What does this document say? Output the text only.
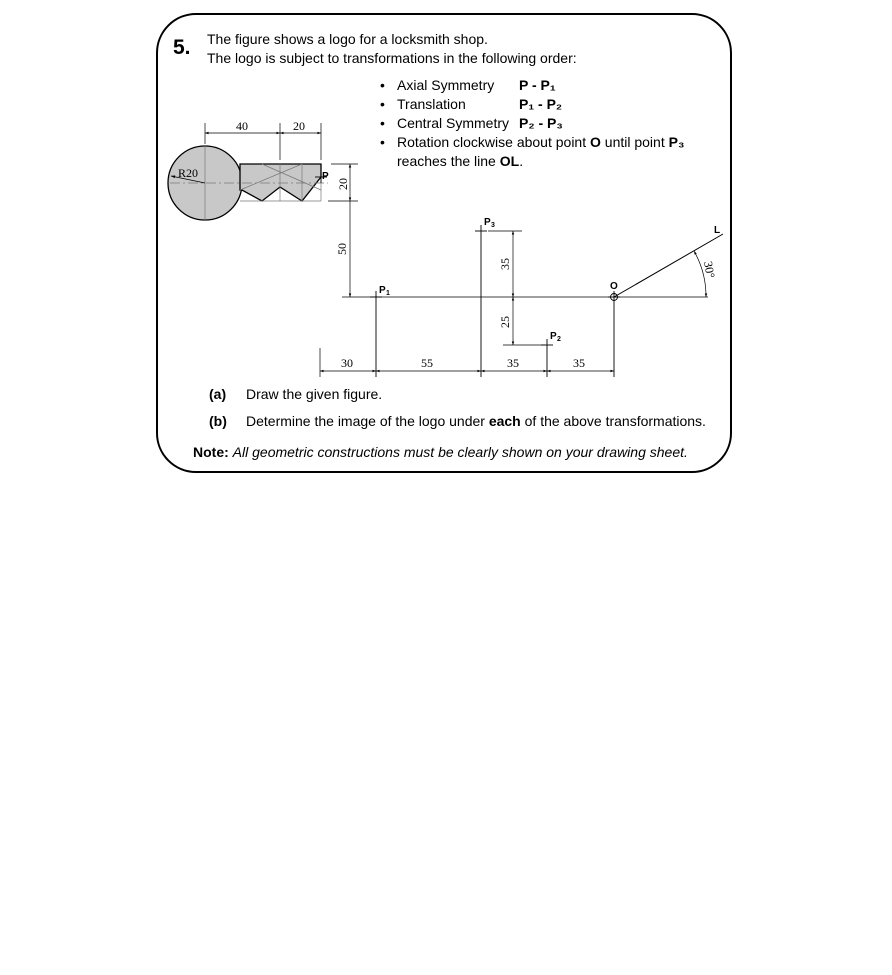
5. The figure shows a logo for a locksmith shop.
The logo is subject to transformations in the following order:
• Axial Symmetry P - P₁
• Translation	P₁ - P₂
• Central Symmetry P₂ - P₃
• Rotation clockwise about point O until point P₃
reaches the line OL.
R20
40	20
P
20
50
P 1
P 3
35
25
P 2
O
L
30°
30	55	35	35
(a) Draw the given figure.
(b) Determine the image of the logo under each of the above transformations.
Note: All geometric constructions must be clearly shown on your drawing sheet.
